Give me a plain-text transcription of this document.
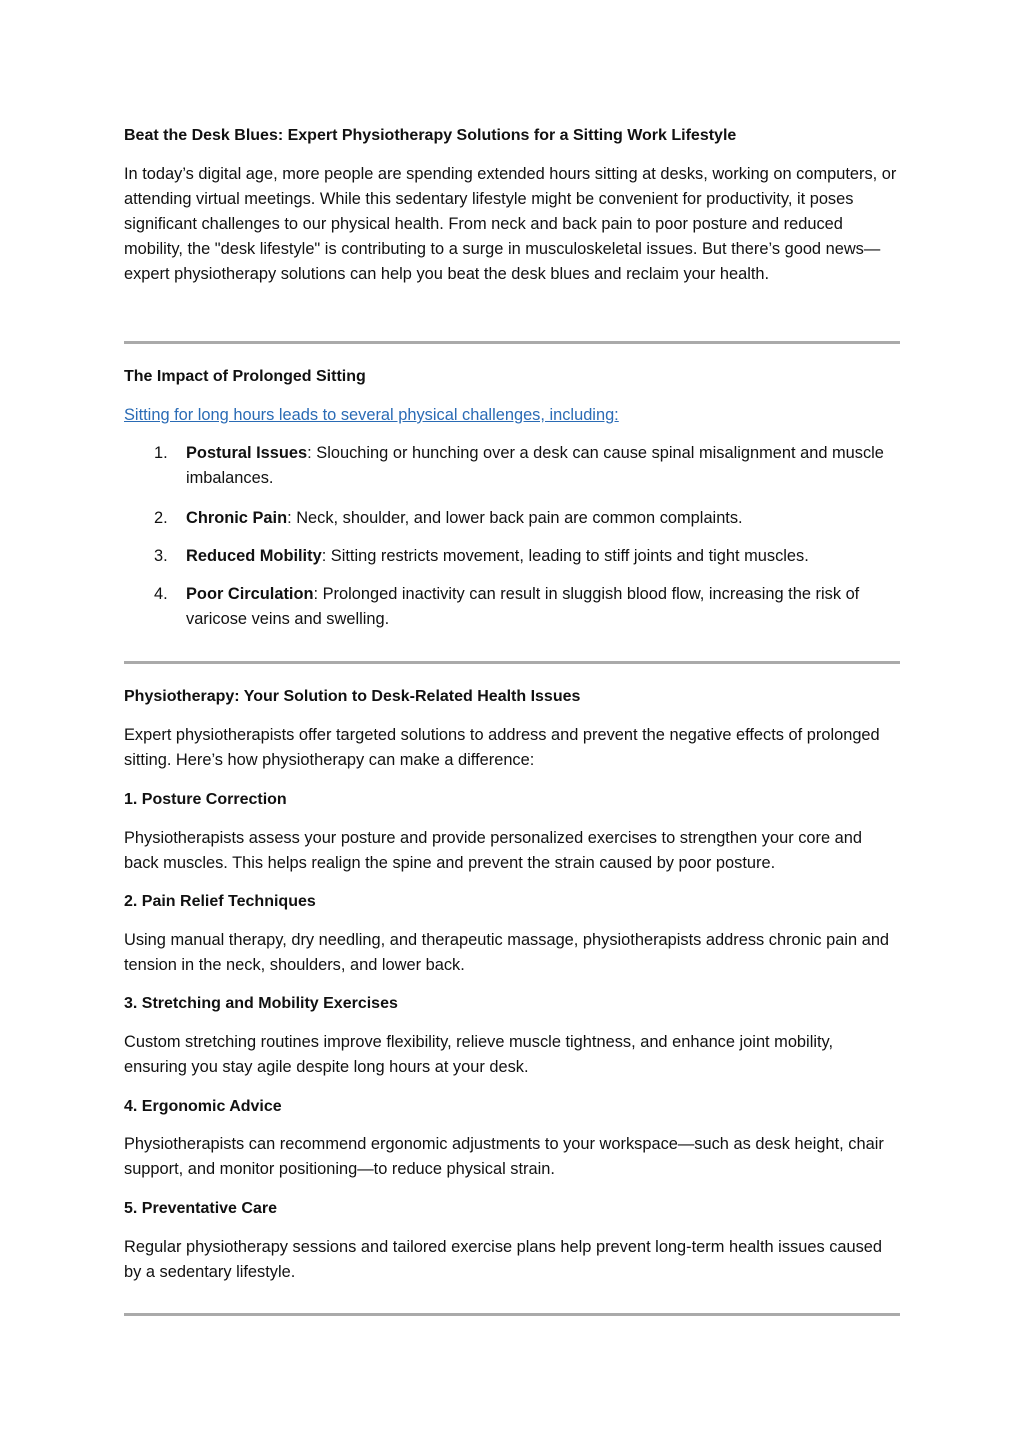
Beat the Desk Blues: Expert Physiotherapy Solutions for a Sitting Work Lifestyle

In today’s digital age, more people are spending extended hours sitting at desks, working on computers, or attending virtual meetings. While this sedentary lifestyle might be convenient for productivity, it poses significant challenges to our physical health. From neck and back pain to poor posture and reduced mobility, the "desk lifestyle" is contributing to a surge in musculoskeletal issues. But there’s good news—expert physiotherapy solutions can help you beat the desk blues and reclaim your health.

The Impact of Prolonged Sitting

Sitting for long hours leads to several physical challenges, including:
1.	Postural Issues: Slouching or hunching over a desk can cause spinal misalignment and muscle imbalances.
2.	Chronic Pain: Neck, shoulder, and lower back pain are common complaints.
3.	Reduced Mobility: Sitting restricts movement, leading to stiff joints and tight muscles.
4.	Poor Circulation: Prolonged inactivity can result in sluggish blood flow, increasing the risk of varicose veins and swelling.

Physiotherapy: Your Solution to Desk-Related Health Issues

Expert physiotherapists offer targeted solutions to address and prevent the negative effects of prolonged sitting. Here’s how physiotherapy can make a difference:

1. Posture Correction

Physiotherapists assess your posture and provide personalized exercises to strengthen your core and back muscles. This helps realign the spine and prevent the strain caused by poor posture.

2. Pain Relief Techniques

Using manual therapy, dry needling, and therapeutic massage, physiotherapists address chronic pain and tension in the neck, shoulders, and lower back.

3. Stretching and Mobility Exercises

Custom stretching routines improve flexibility, relieve muscle tightness, and enhance joint mobility, ensuring you stay agile despite long hours at your desk.

4. Ergonomic Advice

Physiotherapists can recommend ergonomic adjustments to your workspace—such as desk height, chair support, and monitor positioning—to reduce physical strain.

5. Preventative Care

Regular physiotherapy sessions and tailored exercise plans help prevent long-term health issues caused by a sedentary lifestyle.
